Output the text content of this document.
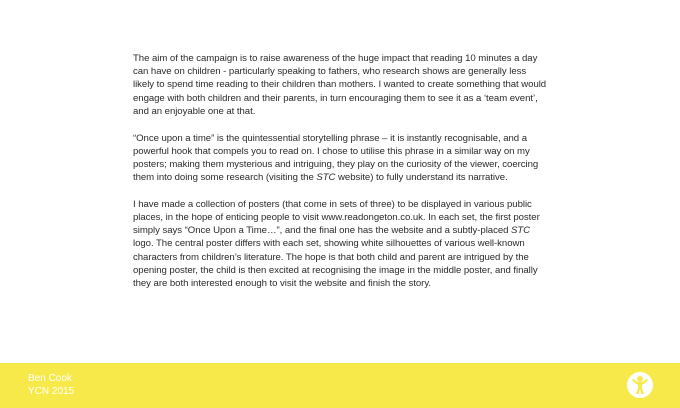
The aim of the campaign is to raise awareness of the huge impact that reading 10 minutes a day can have on children - particularly speaking to fathers, who research shows are generally less likely to spend time reading to their children than mothers. I wanted to create something that would engage with both children and their parents, in turn encouraging them to see it as a ‘team event’, and an enjoyable one at that.

“Once upon a time” is the quintessential storytelling phrase – it is instantly recognisable, and a powerful hook that compels you to read on. I chose to utilise this phrase in a similar way on my posters; making them mysterious and intriguing, they play on the curiosity of the viewer, coercing them into doing some research (visiting the STC website) to fully understand its narrative.

I have made a collection of posters (that come in sets of three) to be displayed in various public places, in the hope of enticing people to visit www.readongeton.co.uk. In each set, the first poster simply says “Once Upon a Time…”, and the final one has the website and a subtly-placed STC logo. The central poster differs with each set, showing white silhouettes of various well-known characters from children’s literature. The hope is that both child and parent are intrigued by the opening poster, the child is then excited at recognising the image in the middle poster, and finally they are both interested enough to visit the website and finish the story.

Ben Cook
YCN 2015
